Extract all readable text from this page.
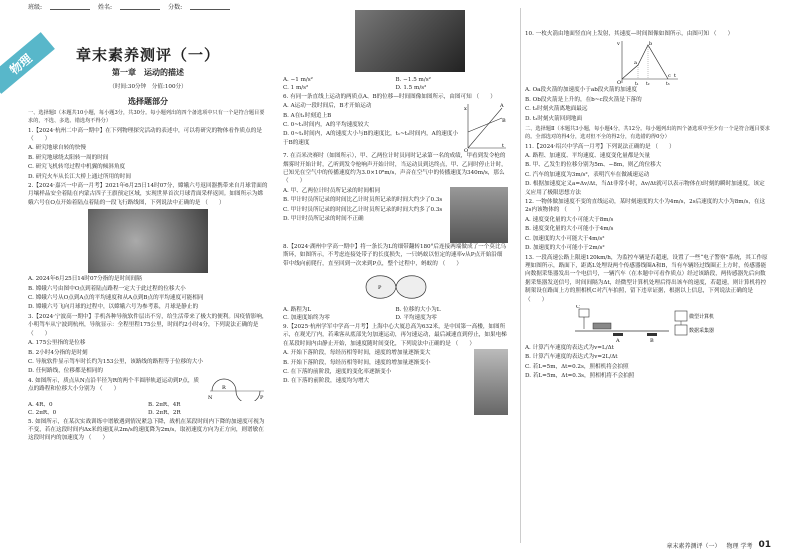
班级:	姓名:	分数:
物理	章末素养测评（一）
第一章　运动的描述
（时间:30分钟　分值:100分）
选择题部分
一、选择题Ⅰ（本题共10小题，每小题3分，共30分。每小题列出的四个备选项中只有一个是符合题目要求的，不选、多选、错选均不得分）
1.【2024·杭州二中高一期中】在下列物理探究活动的表述中，可以将研究的物体看作质点的是 （　　）
A. 研究地球自转的快慢
B. 研究地球绕太阳转一周的时间
C. 研究飞机转弯过程中机翼的倾斜角度
D. 研究火车从长江大桥上通过所用的时间
2.【2024·嘉兴一中高一月考】2021年6月25日14时07分，嫦娥六号返回器携带来自月球背面的月壤样品安全着陆在内蒙古四子王旗预定区域，实现世界首次月球背面采样返回。如图所示为嫦娥六号在O点开始着陆点着陆的一段飞行路线图，下列说法中正确的是 （　　）
A. 2024年6月25日14时07分指的是时间间隔
B. 嫦娥六号由图中O点到着陆点路程一定大于此过程的位移大小
C. 嫦娥六号从O点到A点的平均速度和从A点到B点的平均速度可能相同
D. 嫦娥六号飞向月球的过程中，以嫦娥六号为参考系，月球是静止的
3.【2024·宁波高一期中】手机各种导航软件层出不穷，给生活带来了极大的便利。因疫情影响，小明驾车从宁波到杭州，导航显示：全程里程175公里，时间约2小时4分，下列说法正确的是 （　　）
A. 175公里指的是位移
B. 2小时4分指的是时刻
C. 导航软件显示驾车时长约为153公里，该路线的路程等于位移的大小
D. 任何路线，位移都是相同的
4. 如图所示，质点从N点沿半径为R的两个半圆形轨道运动到P点，质点的路程和位移大小分别为 （　　）
N	P
R
A. 4R、0	B. 2πR、4R
C. 2πR、0	D. 2πR、2R
5. 如图所示，在某次实战训练中谱敏遇到情况紧急下降，战机在某段时间内下降的加速度可视为不变，若在这段时间内Δx米的速度从2m/s的速度降为2m/s，取初速度方向为正方向，则谱敏在这段时间内的加速度为 （　　）
A. −1 m/s²	B. −1.5 m/s²
C. 1 m/s²	D. 1.5 m/s²
6. 有同一条直线上运动的两质点A、B的位移—时间图像如图所示，由图可知 （　　）
A. A运动一段时间后，B才开始运动
B. A在t₁时刻追上B
C. 0~t₁时间内，A的平均速度较大
D. 0~t₁时间内，A的速度大小与B的速度比，t₁~t₂时间内，A的速度小于B的速度
x
t
O
A
B
7. 在百米决赛时（如图所示），甲、乙两位计时员同时记录第一名的成绩，甲看到发令枪的烟雾时开始计时，乙听到发令枪响声开始计时，当运动员到达终点，甲、乙同时停止计时，已知光在空气中的传播速度约为3.0×10⁸m/s，声音在空气中的传播速度为340m/s，那么 （　　）
A. 甲、乙两位计时员所记录的时间相同
B. 甲计时员所记录的时间比乙计时员所记录的时间大约少了0.3s
C. 甲计时员所记录的时间比乙计时员所记录的时间大约多了0.3s
D. 甲计时员所记录的时间不正确
8.【2024·湖州中学高一期中】将一条长为L的细带翻转180°后连接两端做成了一个莫比乌斯环，如图所示，不考虑连接处带子的长度损失，一只蚂蚁以恒定的速率v从P点开始沿细带中线向前爬行，直至回到一次来到P点，整个过程中，蚂蚁的 （　　）
P
A. 路程为L	B. 位移的大小为L
C. 加速度始终为零	D. 平均速度为零
9.【2025·杭州学军中学高一月考】上海中心大厦总高为632米，是中国第一高楼，如图所示，在观光厅内，若乘客从底部先匀加速运动，再匀速运动，最后减速直到停止，如果电梯在某段时间内由静止开始，加速度随时间变化，下列说法中正确的是 （　　）
A. 开始下落阶段，每经历相等时间，速度的增加量逐渐变大
B. 开始下落阶段，每经历相等时间，速度的增加量逐渐变小
C. 在下落的前阶段，速度的变化率逐渐变小
D. 在下落的前阶段，速度均匀增大
10. 一枚火箭由地面竖直向上发射，其速度—时间图像如图所示，由图可知 （　　）
v
t
O
a
b
c
t₁ t₂	t₃
A. Oa段火箭的加速度小于ab段火箭的加速度
B. Ob段火箭是上升的，在b~c段火箭是下落的
C. t₂时刻火箭离地面最远
D. t₃时刻火箭回到地面
二、选择题Ⅱ（本题共3小题，每小题4分，共12分。每小题列出的四个备选项中至少有一个是符合题目要求的。全部选对的得4分，选对但不全的得2分，有选错的得0分）
11.【2024·绍兴中学高一月考】下列说法正确的是 （　　）
A. 路程、加速度、平均速度、速度变化量都是矢量
B. 甲、乙发生的位移分别为5m、−8m，则乙的位移大
C. 汽车的加速度为3m/s²，表明汽车在做减速运动
D. 根据加速度定义a=Δv/Δt，当Δt非常小时，Δv/Δt就可以表示物体在t时刻的瞬时加速度，该定义应用了极限思想方法
12. 一物体做加速度不变的直线运动，某时刻速度的大小为4m/s，2s后速度的大小为8m/s，在这2s内该物体的 （　　）
A. 速度变化量的大小可能大于8m/s
B. 速度变化量的大小可能小于4m/s
C. 加速度的大小可能大于4m/s²
D. 加速度的大小可能小于2m/s²
13. 一段高速公路上限速120km/h，为监控车辆是否超速，设置了一些“电子警察”系统，其工作原理如图所示，路面下，距离L处埋设两个传感器线圈A和B，当有车辆经过线圈正上方时，传感器能向数据采集器发出一个电信号，一辆汽车（在本题中可看作质点）经过该路段，两传感器先后向数据采集器发送信号，时间间隔为Δt，经微型计算机处理后得出该车的速度，若超速，则计算机将控制架设在路面上方的照相机C对汽车拍照，留下违章证据，根据以上信息，下列说法正确的是 （　　）
C
A	B
微型计算机
数据采集器
A. 计算汽车速度的表达式为v=L/Δt
B. 计算汽车速度的表达式为v=2L/Δt
C. 若L=5m，Δt=0.2s，照相机将会拍照
D. 若L=5m，Δt=0.3s，照相机将不会拍照
章末素养测评（一） 物理 学考 01
